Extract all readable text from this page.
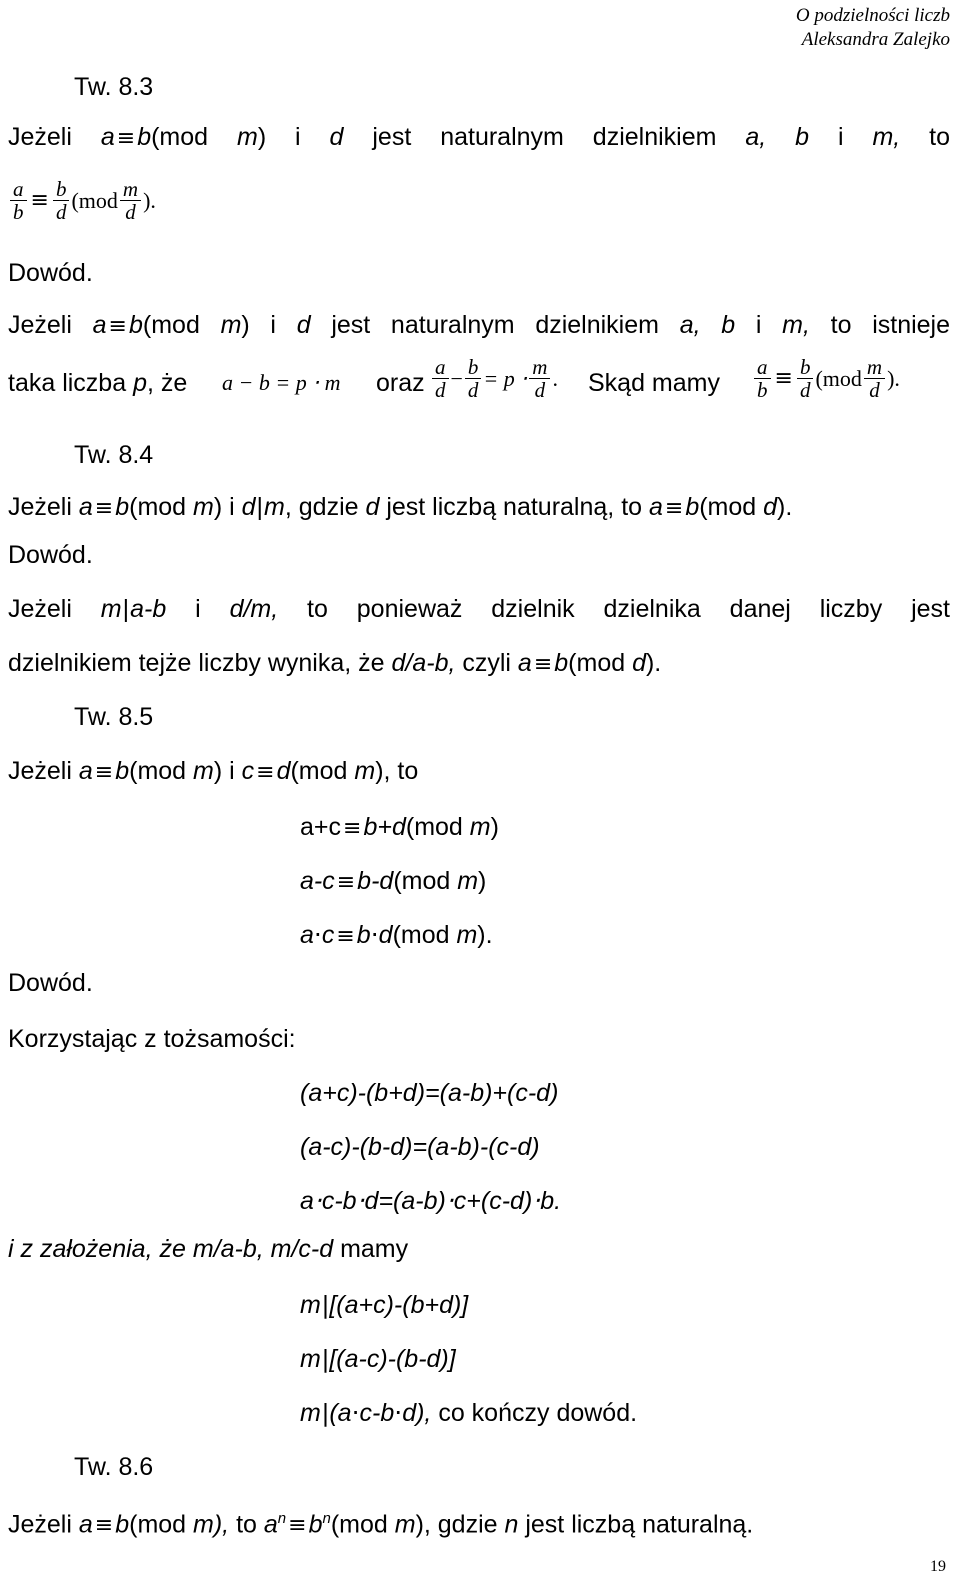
O podzielności liczb
Aleksandra Zalejko
Tw. 8.3
Jeżeli a≡b(mod m) i d jest naturalnym dzielnikiem a, b i m, to
$\frac{a}{b} \equiv \frac{b}{d} (mod \frac{m}{d}$ ).
Dowód.
Jeżeli a≡b(mod m) i d jest naturalnym dzielnikiem a, b i m, to istnieje
taka liczba p, że a − b = p ⋅ m oraz $\frac{a}{d} - \frac{b}{d} = p \cdot \frac{m}{d}$ . Skąd mamy $\frac{a}{b} \equiv \frac{b}{d} (mod \frac{m}{d}$ ).
Tw. 8.4
Jeżeli a≡b(mod m) i d|m, gdzie d jest liczbą naturalną, to a≡b(mod d).
Dowód.
Jeżeli m|a-b i d/m, to ponieważ dzielnik dzielnika danej liczby jest
dzielnikiem tejże liczby wynika, że d/a-b, czyli a≡b(mod d).
Tw. 8.5
Jeżeli a≡b(mod m) i c≡d(mod m), to
a+c≡b+d(mod m)
a-c≡b-d(mod m)
a⋅c≡b⋅d(mod m).
Dowód.
Korzystając z tożsamości:
(a+c)-(b+d)=(a-b)+(c-d)
(a-c)-(b-d)=(a-b)-(c-d)
a⋅c-b⋅d=(a-b)⋅c+(c-d)⋅b.
i z założenia, że m/a-b, m/c-d mamy
m|[(a+c)-(b+d)]
m|[(a-c)-(b-d)]
m|(a⋅c-b⋅d), co kończy dowód.
Tw. 8.6
Jeżeli a≡b(mod m), to $a^n\equiv b^n(mod$ m), gdzie n jest liczbą naturalną.
19
